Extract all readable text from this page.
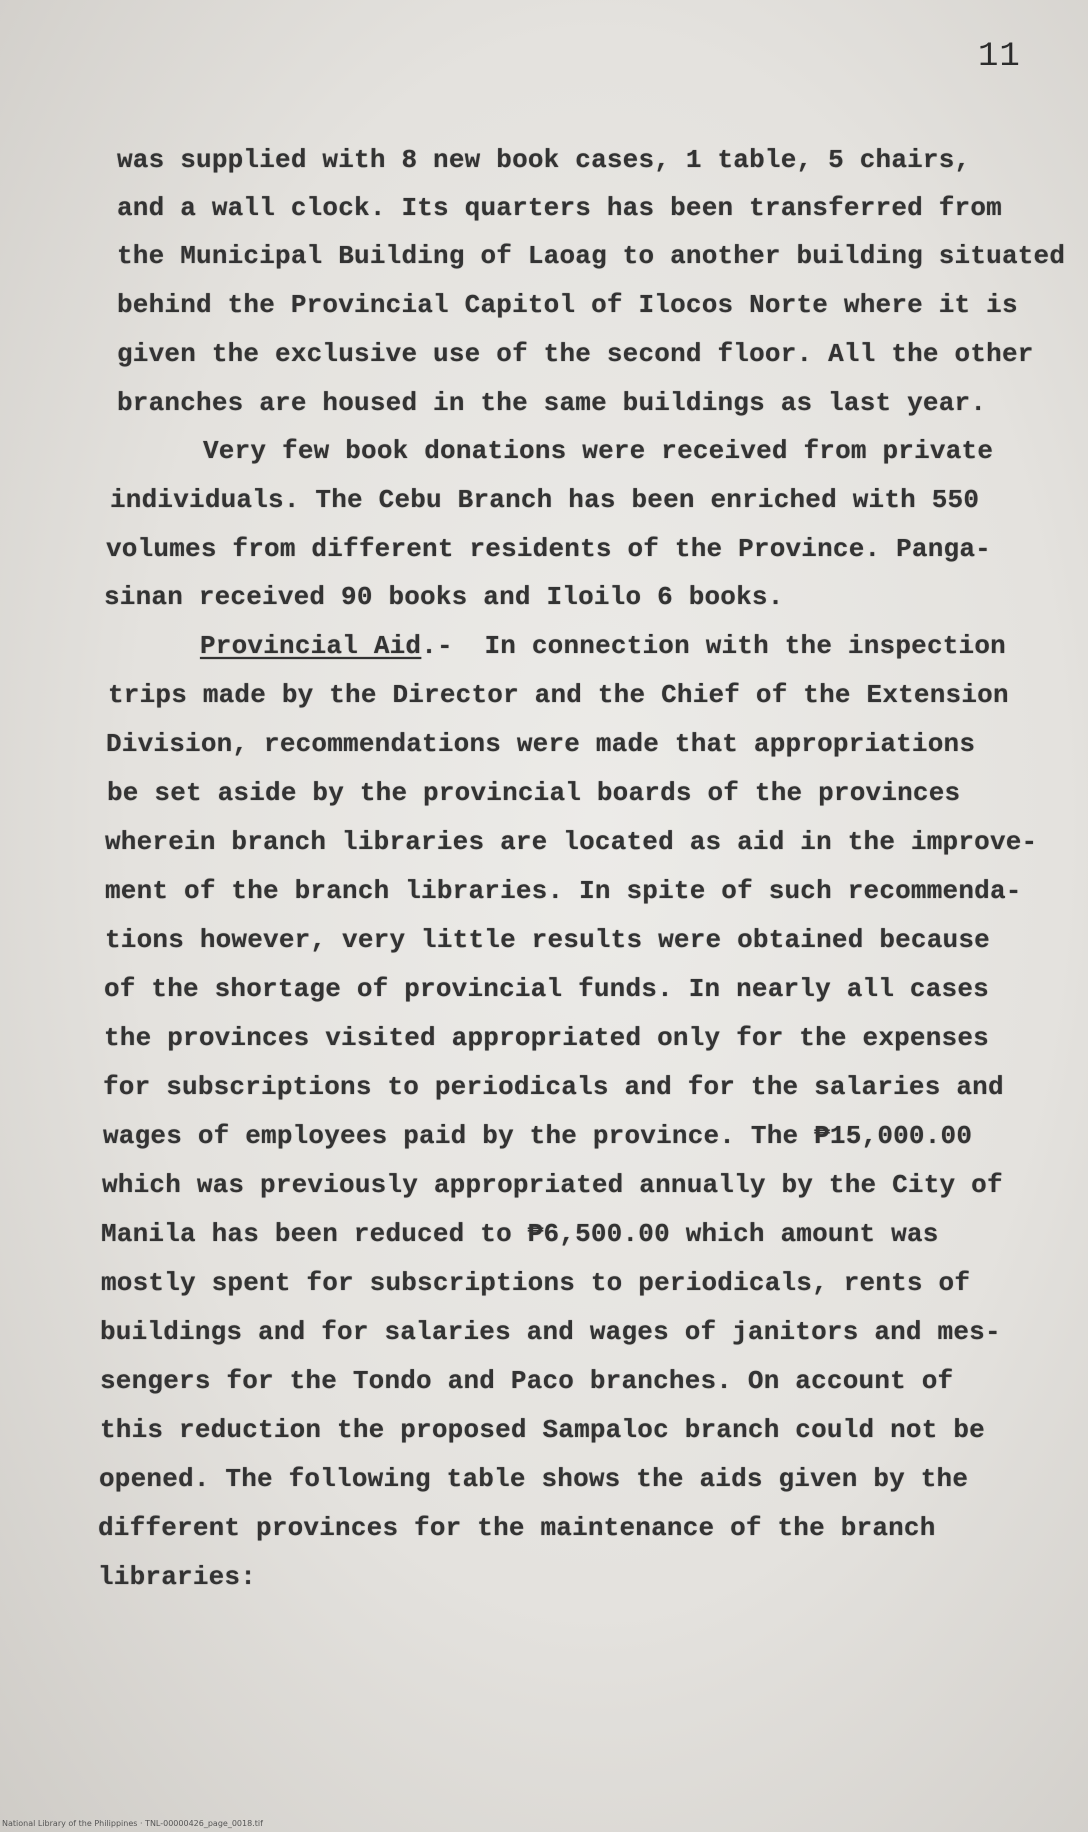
11
was supplied with 8 new book cases, 1 table, 5 chairs,
and a wall clock. Its quarters has been transferred from
the Municipal Building of Laoag to another building situated
behind the Provincial Capitol of Ilocos Norte where it is
given the exclusive use of the second floor. All the other
branches are housed in the same buildings as last year.
Very few book donations were received from private
individuals. The Cebu Branch has been enriched with 550
volumes from different residents of the Province. Panga-
sinan received 90 books and Iloilo 6 books.
Provincial Aid.- In connection with the inspection
trips made by the Director and the Chief of the Extension
Division, recommendations were made that appropriations
be set aside by the provincial boards of the provinces
wherein branch libraries are located as aid in the improve-
ment of the branch libraries. In spite of such recommenda-
tions however, very little results were obtained because
of the shortage of provincial funds. In nearly all cases
the provinces visited appropriated only for the expenses
for subscriptions to periodicals and for the salaries and
wages of employees paid by the province. The ₱15,000.00
which was previously appropriated annually by the City of
Manila has been reduced to ₱6,500.00 which amount was
mostly spent for subscriptions to periodicals, rents of
buildings and for salaries and wages of janitors and mes-
sengers for the Tondo and Paco branches. On account of
this reduction the proposed Sampaloc branch could not be
opened. The following table shows the aids given by the
different provinces for the maintenance of the branch
libraries:
National Library of the Philippines · TNL-00000426_page_0018.tif
